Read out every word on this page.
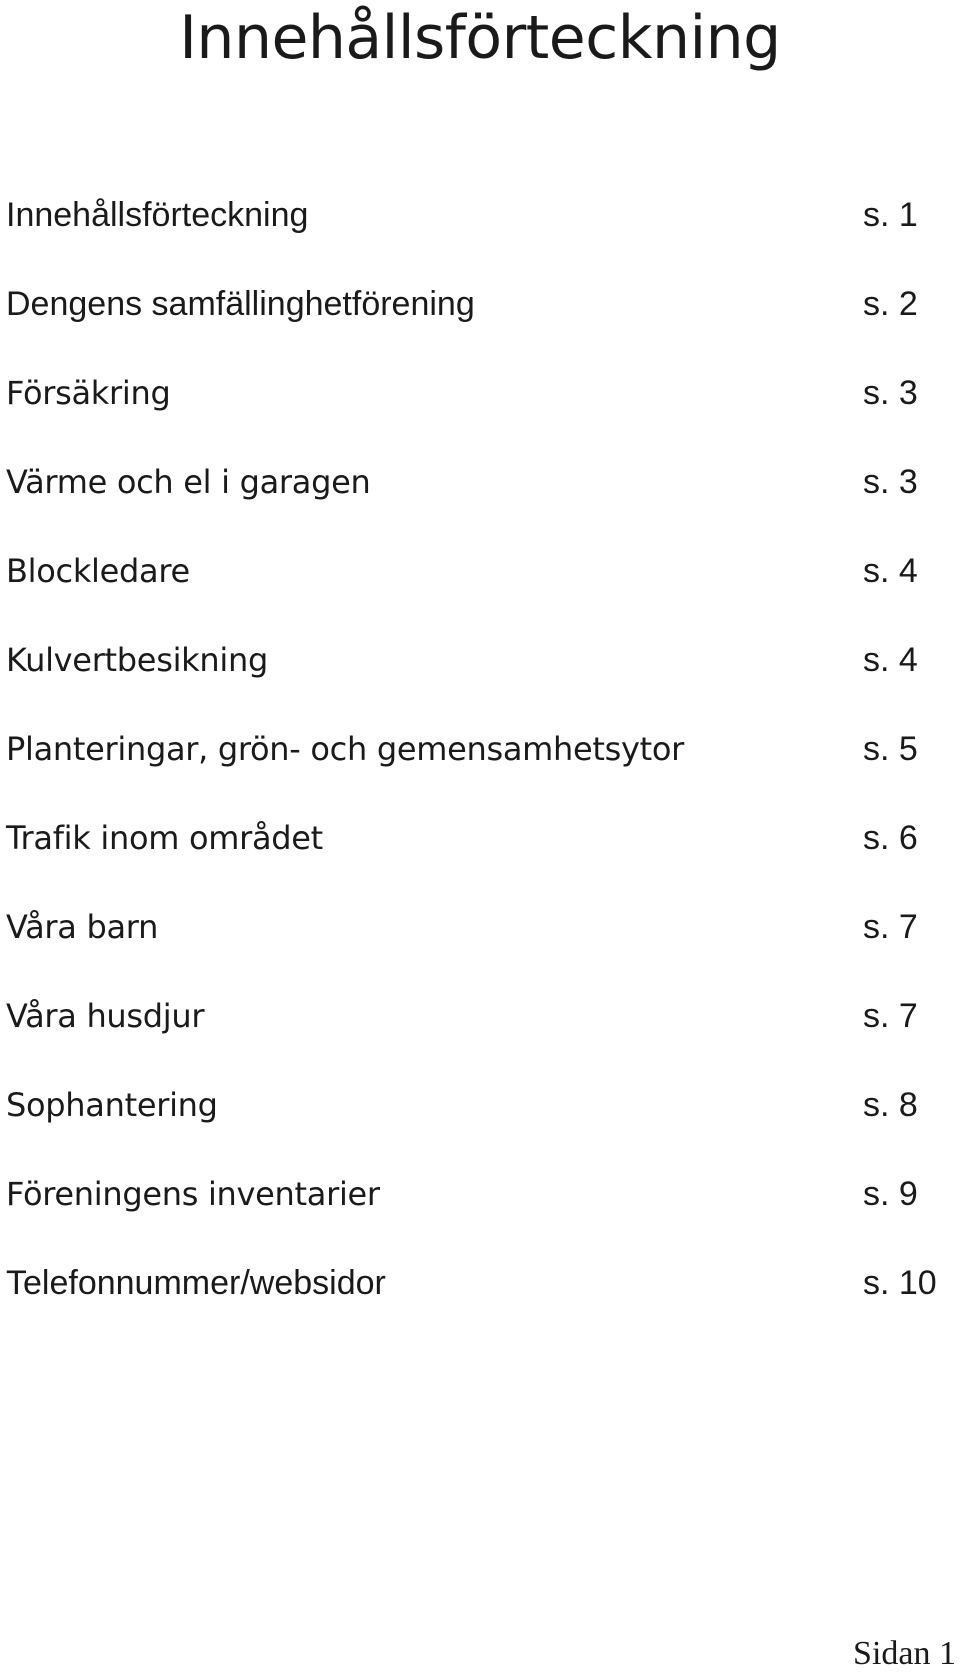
Innehållsförteckning
Innehållsförteckning	s. 1
Dengens samfällinghetförening	s. 2
Försäkring	s. 3
Värme och el i garagen	s. 3
Blockledare	s. 4
Kulvertbesikning	s. 4
Planteringar, grön- och gemensamhetsytor	s. 5
Trafik inom området	s. 6
Våra barn	s. 7
Våra husdjur	s. 7
Sophantering	s. 8
Föreningens inventarier	s. 9
Telefonnummer/websidor	s. 10
Sidan 1
